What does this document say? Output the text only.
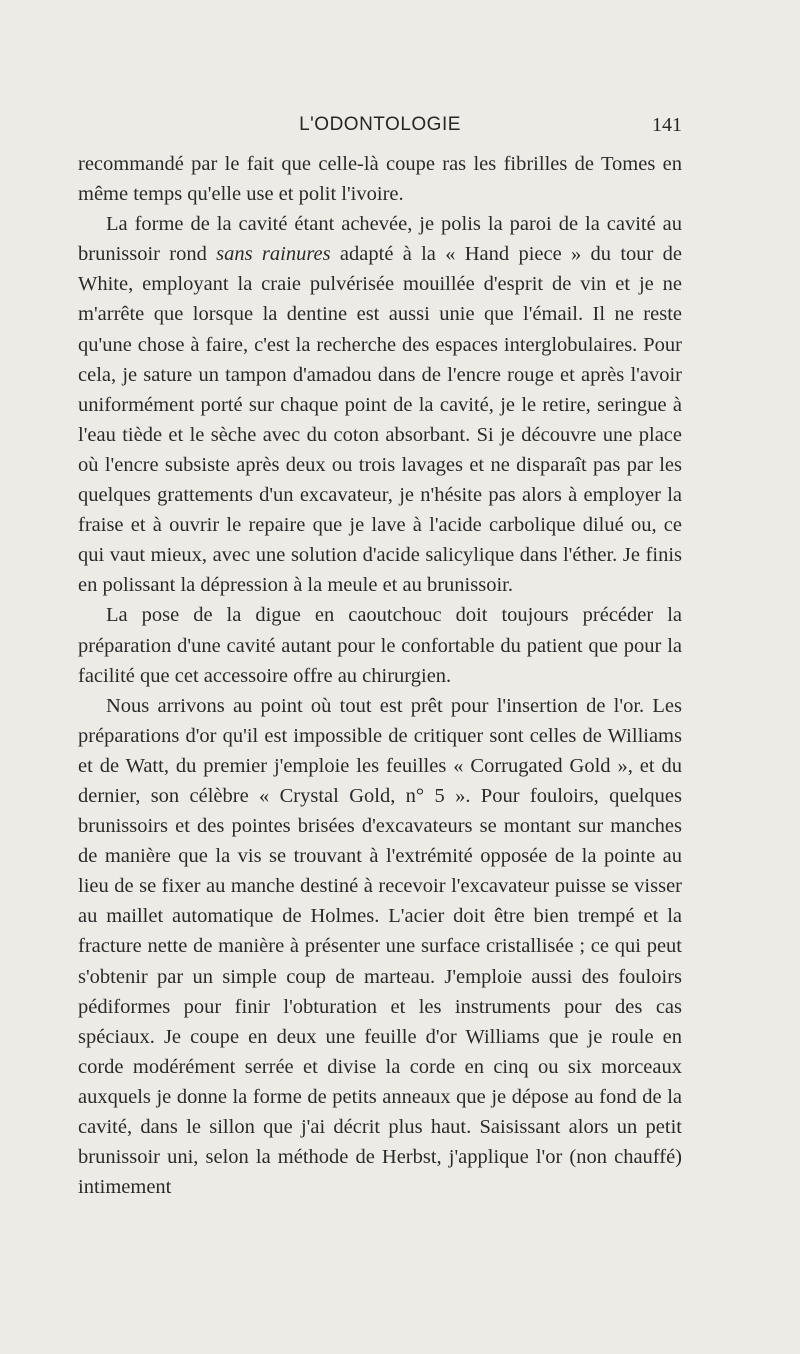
L'ODONTOLOGIE	141

recommandé par le fait que celle-là coupe ras les fibrilles de Tomes en même temps qu'elle use et polit l'ivoire.

La forme de la cavité étant achevée, je polis la paroi de la cavité au brunissoir rond sans rainures adapté à la « Hand piece » du tour de White, employant la craie pulvérisée mouillée d'esprit de vin et je ne m'arrête que lorsque la dentine est aussi unie que l'émail. Il ne reste qu'une chose à faire, c'est la recherche des espaces interglobulaires. Pour cela, je sature un tampon d'amadou dans de l'encre rouge et après l'avoir uniformément porté sur chaque point de la cavité, je le retire, seringue à l'eau tiède et le sèche avec du coton absorbant. Si je découvre une place où l'encre subsiste après deux ou trois lavages et ne disparaît pas par les quelques grattements d'un excavateur, je n'hésite pas alors à employer la fraise et à ouvrir le repaire que je lave à l'acide carbolique dilué ou, ce qui vaut mieux, avec une solution d'acide salicylique dans l'éther. Je finis en polissant la dépression à la meule et au brunissoir.

La pose de la digue en caoutchouc doit toujours précéder la préparation d'une cavité autant pour le confortable du patient que pour la facilité que cet accessoire offre au chirurgien.

Nous arrivons au point où tout est prêt pour l'insertion de l'or. Les préparations d'or qu'il est impossible de critiquer sont celles de Williams et de Watt, du premier j'emploie les feuilles « Corrugated Gold », et du dernier, son célèbre « Crystal Gold, n° 5 ». Pour fouloirs, quelques brunissoirs et des pointes brisées d'excavateurs se montant sur manches de manière que la vis se trouvant à l'extrémité opposée de la pointe au lieu de se fixer au manche destiné à recevoir l'excavateur puisse se visser au maillet automatique de Holmes. L'acier doit être bien trempé et la fracture nette de manière à présenter une surface cristallisée ; ce qui peut s'obtenir par un simple coup de marteau. J'emploie aussi des fouloirs pédiformes pour finir l'obturation et les instruments pour des cas spéciaux. Je coupe en deux une feuille d'or Williams que je roule en corde modérément serrée et divise la corde en cinq ou six morceaux auxquels je donne la forme de petits anneaux que je dépose au fond de la cavité, dans le sillon que j'ai décrit plus haut. Saisissant alors un petit brunissoir uni, selon la méthode de Herbst, j'applique l'or (non chauffé) intimement
